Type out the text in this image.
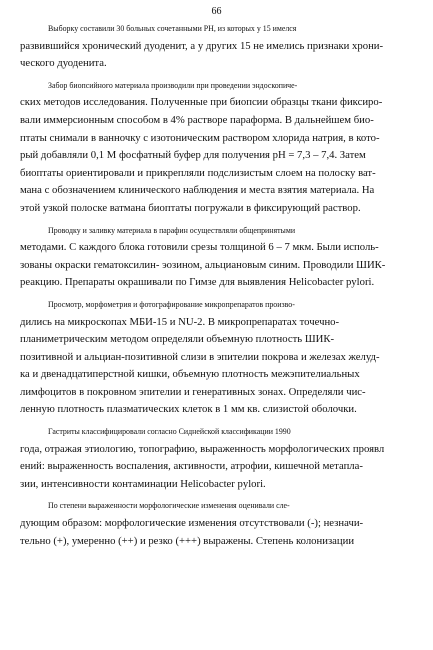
66

Выборку составили 30 больных сочетанными РН, из которых у 15 имелся
развившийся хронический дуоденит, а у других 15 не имелись признаки хрони-
ческого дуоденита.

Забор биопсийного материала производили при проведении эндоскопиче-
ских методов исследования. Полученные при биопсии образцы ткани фиксиро-
вали иммерсионным способом в 4% растворе параформа. В дальнейшем био-
птаты снимали в ванночку с изотоническим раствором хлорида натрия, в кото-
рый добавляли 0,1 М фосфатный буфер для получения рН = 7,3 – 7,4. Затем
биоптаты ориентировали и прикрепляли подслизистым слоем на полоску ват-
мана с обозначением клинического наблюдения и места взятия материала. На
этой узкой полоске ватмана биоптаты погружали в фиксирующий раствор.

Проводку и заливку материала в парафин осуществляли общепринятыми
методами. С каждого блока готовили срезы толщиной 6 – 7 мкм. Были исполь-
зованы окраски гематоксилин- эозином, альциановым синим. Проводили ШИК-
реакцию. Препараты окрашивали по Гимзе для выявления Helicobacter pylori.

Просмотр, морфометрия и фотографирование микропрепаратов произво-
дились на микроскопах МБИ-15 и NU-2. В микропрепаратах точечно-
планиметрическим методом определяли объемную плотность ШИК-
позитивной и альциан-позитивной слизи в эпителии покрова и железах желуд-
ка и двенадцатиперстной кишки, объемную плотность межэпителиальных
лимфоцитов в покровном эпителии и генеративных зонах. Определяли чис-
ленную плотность плазматических клеток в 1 мм кв. слизистой оболочки.

Гастриты классифицировали согласно Сиднейской классификации 1990
года, отражая этиологию, топографию, выраженность морфологических проявл
ений: выраженность воспаления, активности, атрофии, кишечной метапла-
зии, интенсивности контаминации Helicobacter pylori.

По степени выраженности морфологические изменения оценивали сле-
дующим образом: морфологические изменения отсутствовали (-); незначи-
тельно (+), умеренно (++) и резко (+++) выражены. Степень колонизации
